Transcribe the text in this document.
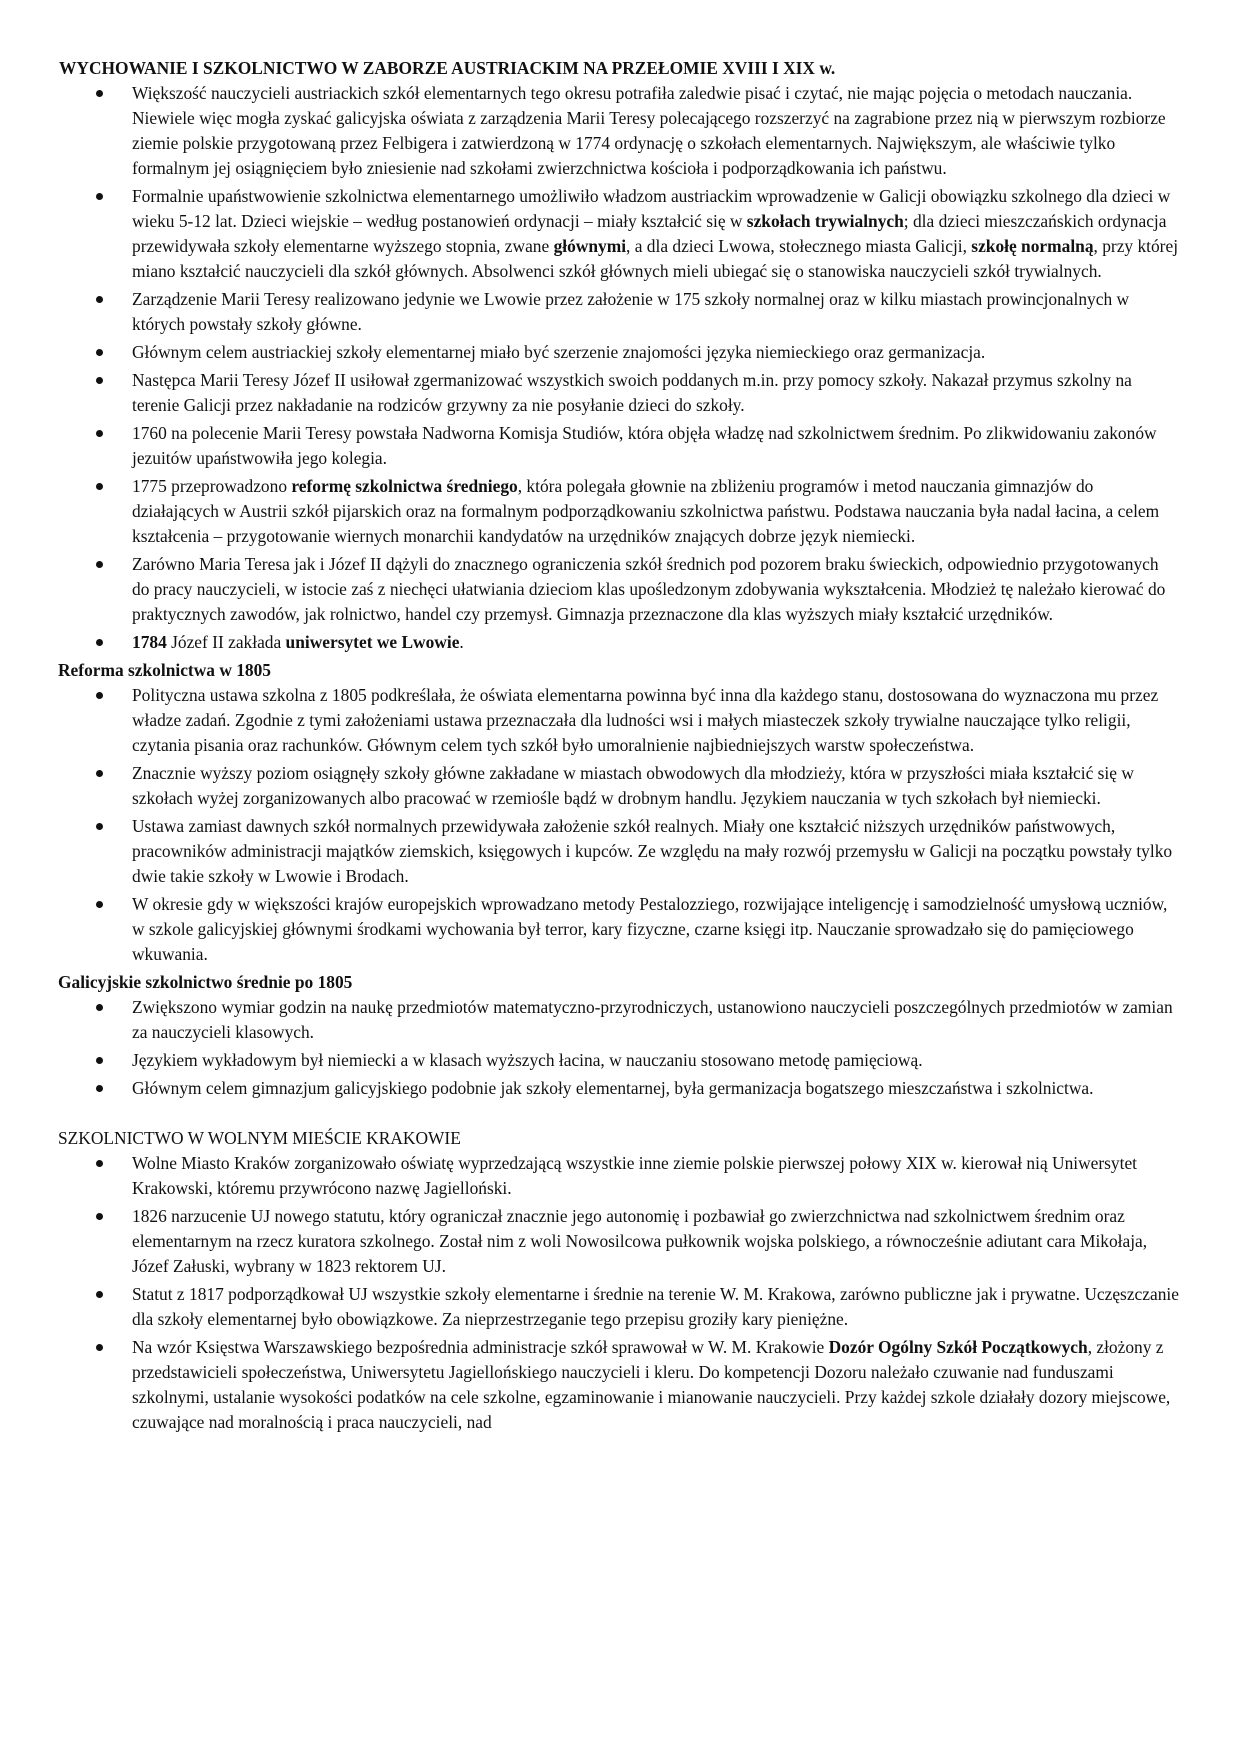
WYCHOWANIE I SZKOLNICTWO W ZABORZE AUSTRIACKIM NA PRZEŁOMIE XVIII I XIX w.
Większość nauczycieli austriackich szkół elementarnych tego okresu potrafiła zaledwie pisać i czytać, nie mając pojęcia o metodach nauczania. Niewiele więc mogła zyskać galicyjska oświata z zarządzenia Marii Teresy polecającego rozszerzyć na zagrabione przez nią w pierwszym rozbiorze ziemie polskie przygotowaną przez Felbigera i zatwierdzoną w 1774 ordynację o szkołach elementarnych. Największym, ale właściwie tylko formalnym jej osiągnięciem było zniesienie nad szkołami zwierzchnictwa kościoła i podporządkowania ich państwu.
Formalnie upaństwowienie szkolnictwa elementarnego umożliwiło władzom austriackim wprowadzenie w Galicji obowiązku szkolnego dla dzieci w wieku 5-12 lat. Dzieci wiejskie – według postanowień ordynacji – miały kształcić się w szkołach trywialnych; dla dzieci mieszczańskich ordynacja przewidywała szkoły elementarne wyższego stopnia, zwane głównymi, a dla dzieci Lwowa, stołecznego miasta Galicji, szkołę normalną, przy której miano kształcić nauczycieli dla szkół głównych. Absolwenci szkół głównych mieli ubiegać się o stanowiska nauczycieli szkół trywialnych.
Zarządzenie Marii Teresy realizowano jedynie we Lwowie przez założenie w 175 szkoły normalnej oraz w kilku miastach prowincjonalnych w których powstały szkoły główne.
Głównym celem austriackiej szkoły elementarnej miało być szerzenie znajomości języka niemieckiego oraz germanizacja.
Następca Marii Teresy Józef II usiłował zgermanizować wszystkich swoich poddanych m.in. przy pomocy szkoły. Nakazał przymus szkolny na terenie Galicji przez nakładanie na rodziców grzywny za nie posyłanie dzieci do szkoły.
1760 na polecenie Marii Teresy powstała Nadworna Komisja Studiów, która objęła władzę nad szkolnictwem średnim. Po zlikwidowaniu zakonów jezuitów upaństwowiła jego kolegia.
1775 przeprowadzono reformę szkolnictwa średniego, która polegała głownie na zbliżeniu programów i metod nauczania gimnazjów do działających w Austrii szkół pijarskich oraz na formalnym podporządkowaniu szkolnictwa państwu. Podstawa nauczania była nadal łacina, a celem kształcenia – przygotowanie wiernych monarchii kandydatów na urzędników znających dobrze język niemiecki.
Zarówno Maria Teresa jak i Józef II dążyli do znacznego ograniczenia szkół średnich pod pozorem braku świeckich, odpowiednio przygotowanych do pracy nauczycieli, w istocie zaś z niechęci ułatwiania dzieciom klas upośledzonym zdobywania wykształcenia. Młodzież tę należało kierować do praktycznych zawodów, jak rolnictwo, handel czy przemysł. Gimnazja przeznaczone dla klas wyższych miały kształcić urzędników.
1784 Józef II zakłada uniwersytet we Lwowie.
Reforma szkolnictwa w 1805
Polityczna ustawa szkolna z 1805 podkreślała, że oświata elementarna powinna być inna dla każdego stanu, dostosowana do wyznaczona mu przez władze zadań. Zgodnie z tymi założeniami ustawa przeznaczała dla ludności wsi i małych miasteczek szkoły trywialne nauczające tylko religii, czytania pisania oraz rachunków. Głównym celem tych szkół było umoralnienie najbiedniejszych warstw społeczeństwa.
Znacznie wyższy poziom osiągnęły szkoły główne zakładane w miastach obwodowych dla młodzieży, która w przyszłości miała kształcić się w szkołach wyżej zorganizowanych albo pracować w rzemiośle bądź w drobnym handlu. Językiem nauczania w tych szkołach był niemiecki.
Ustawa zamiast dawnych szkół normalnych przewidywała założenie szkół realnych. Miały one kształcić niższych urzędników państwowych, pracowników administracji majątków ziemskich, księgowych i kupców. Ze względu na mały rozwój przemysłu w Galicji na początku powstały tylko dwie takie szkoły w Lwowie i Brodach.
W okresie gdy w większości krajów europejskich wprowadzano metody Pestalozziego, rozwijające inteligencję i samodzielność umysłową uczniów, w szkole galicyjskiej głównymi środkami wychowania był terror, kary fizyczne, czarne księgi itp. Nauczanie sprowadzało się do pamięciowego wkuwania.
Galicyjskie szkolnictwo średnie po 1805
Zwiększono wymiar godzin na naukę przedmiotów matematyczno-przyrodniczych, ustanowiono nauczycieli poszczególnych przedmiotów w zamian za nauczycieli klasowych.
Językiem wykładowym był niemiecki a w klasach wyższych łacina, w nauczaniu stosowano metodę pamięciową.
Głównym celem gimnazjum galicyjskiego podobnie jak szkoły elementarnej, była germanizacja bogatszego mieszczaństwa i szkolnictwa.
SZKOLNICTWO W WOLNYM MIEŚCIE KRAKOWIE
Wolne Miasto Kraków zorganizowało oświatę wyprzedzającą wszystkie inne ziemie polskie pierwszej połowy XIX w. kierował nią Uniwersytet Krakowski, któremu przywrócono nazwę Jagielloński.
1826 narzucenie UJ nowego statutu, który ograniczał znacznie jego autonomię i pozbawiał go zwierzchnictwa nad szkolnictwem średnim oraz elementarnym na rzecz kuratora szkolnego. Został nim z woli Nowosilcowa pułkownik wojska polskiego, a równocześnie adiutant cara Mikołaja, Józef Załuski, wybrany w 1823 rektorem UJ.
Statut z 1817 podporządkował UJ wszystkie szkoły elementarne i średnie na terenie W. M. Krakowa, zarówno publiczne jak i prywatne. Uczęszczanie dla szkoły elementarnej było obowiązkowe. Za nieprzestrzeganie tego przepisu groziły kary pieniężne.
Na wzór Księstwa Warszawskiego bezpośrednia administracje szkół sprawował w W. M. Krakowie Dozór Ogólny Szkół Początkowych, złożony z przedstawicieli społeczeństwa, Uniwersytetu Jagiellońskiego nauczycieli i kleru. Do kompetencji Dozoru należało czuwanie nad funduszami szkolnymi, ustalanie wysokości podatków na cele szkolne, egzaminowanie i mianowanie nauczycieli. Przy każdej szkole działały dozory miejscowe, czuwające nad moralnością i praca nauczycieli, nad
